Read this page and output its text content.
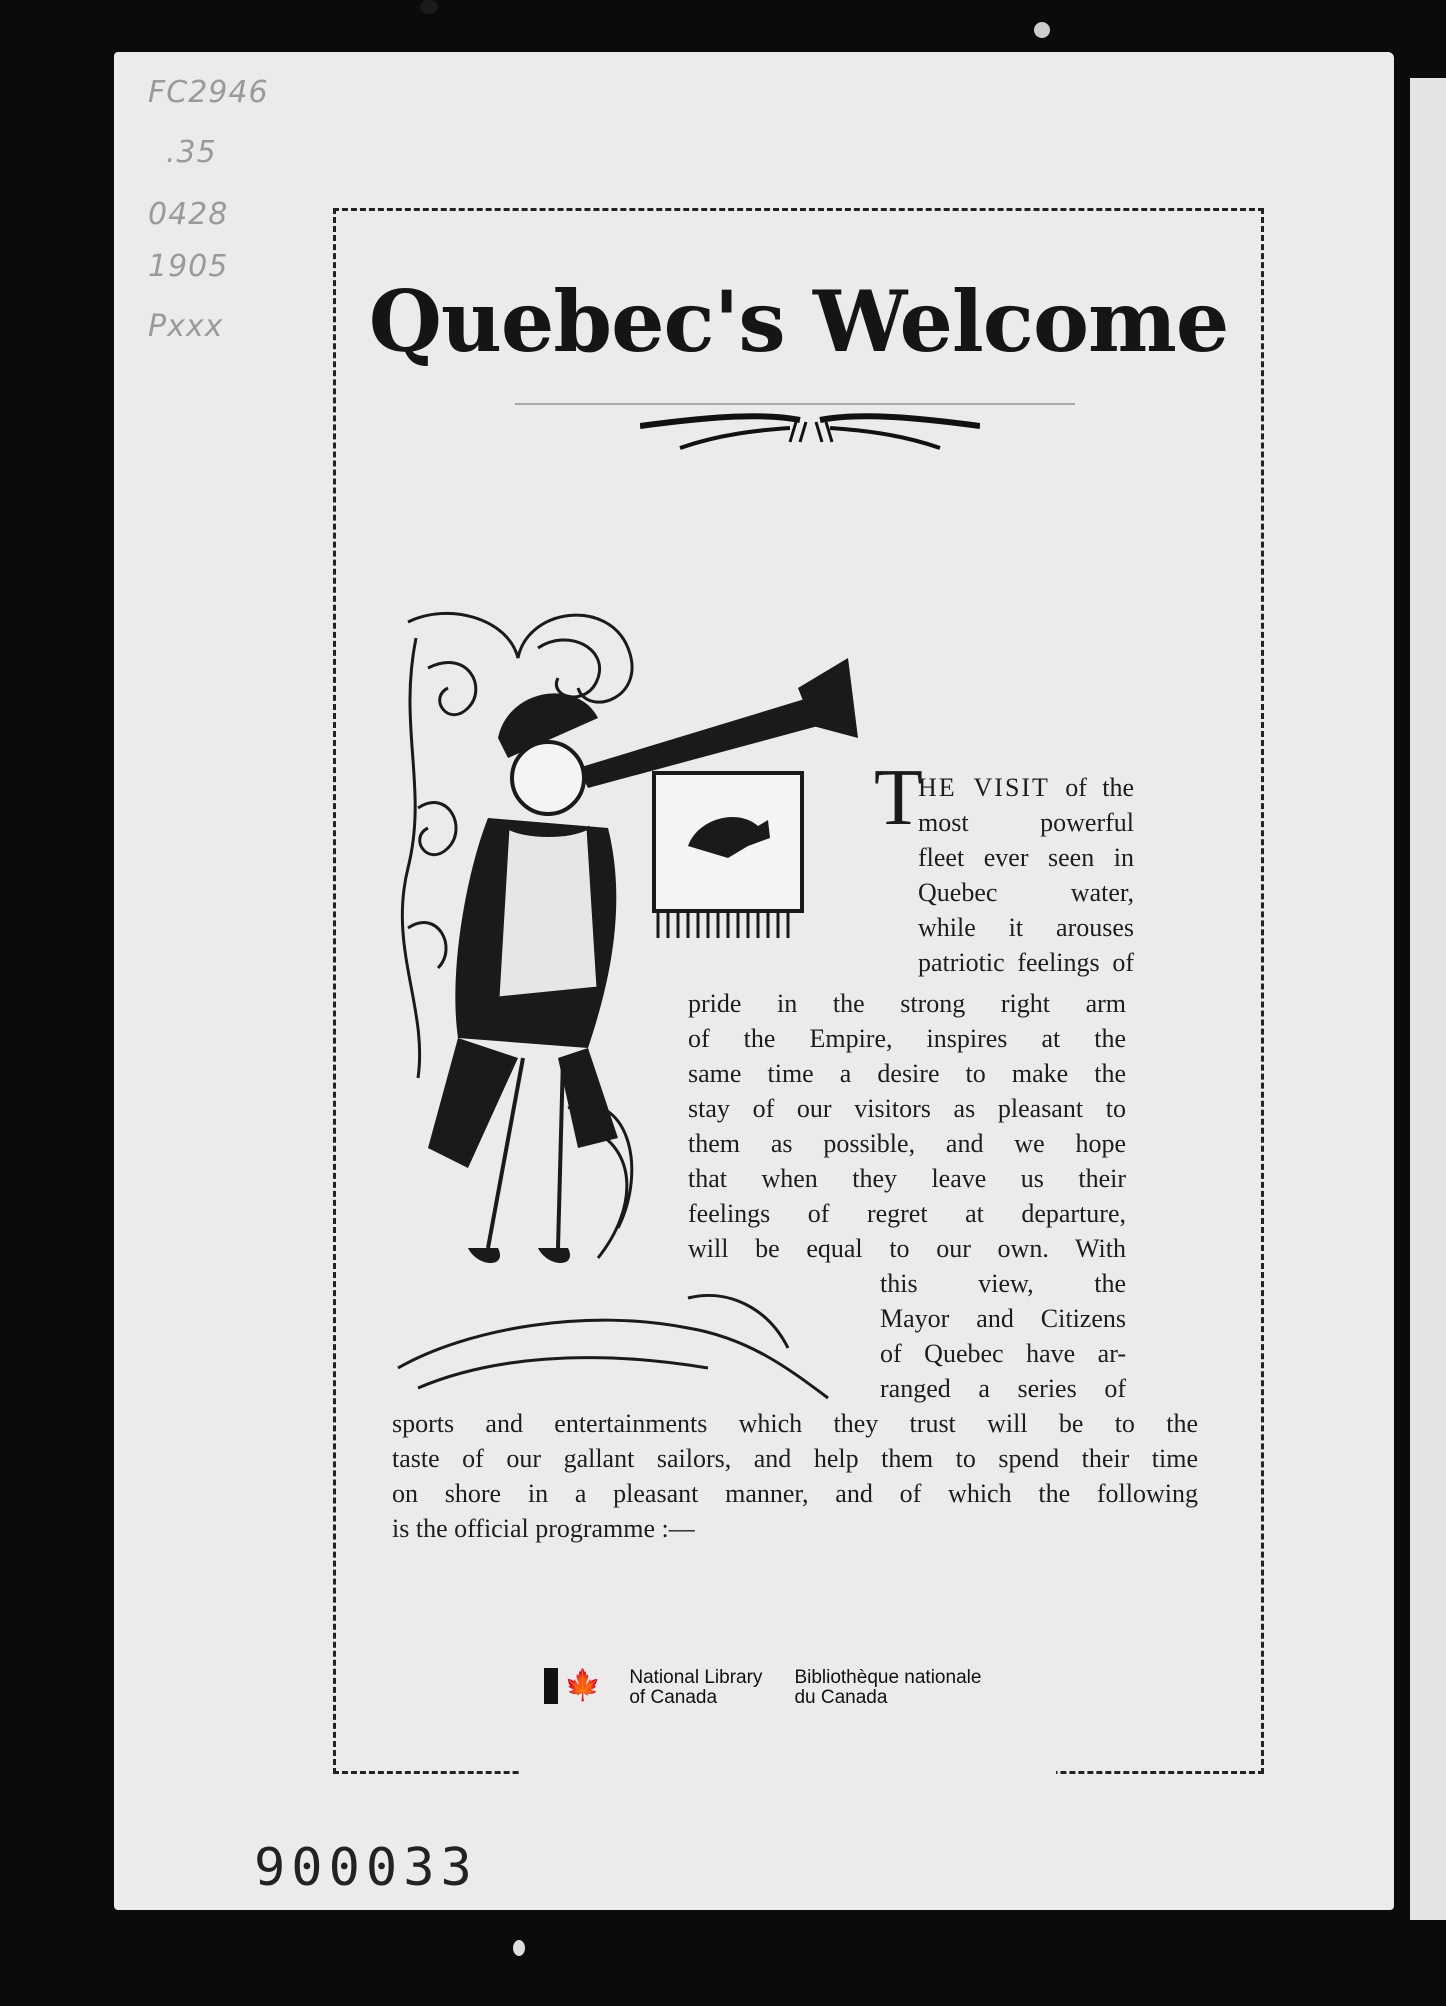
FC2946
.35
0428
1905
Pxxx	Quebec's Welcome
T
HE VISIT of the
most powerful
fleet ever seen in
Quebec water,
while it arouses
patriotic feelings of
pride in the strong right arm
of the Empire, inspires at the
same time a desire to make the
stay of our visitors as pleasant to
them as possible, and we hope
that when they leave us their
feelings of regret at departure,
will be equal to our own. With
this view, the
Mayor and Citizens
of Quebec have ar-
ranged a series of
sports and entertainments which they trust will be to the
taste of our gallant sailors, and help them to spend their time
on shore in a pleasant manner, and of which the following
is the official programme :—
🍁 National Library
of Canada
Bibliothèque nationale
du Canada
900033
